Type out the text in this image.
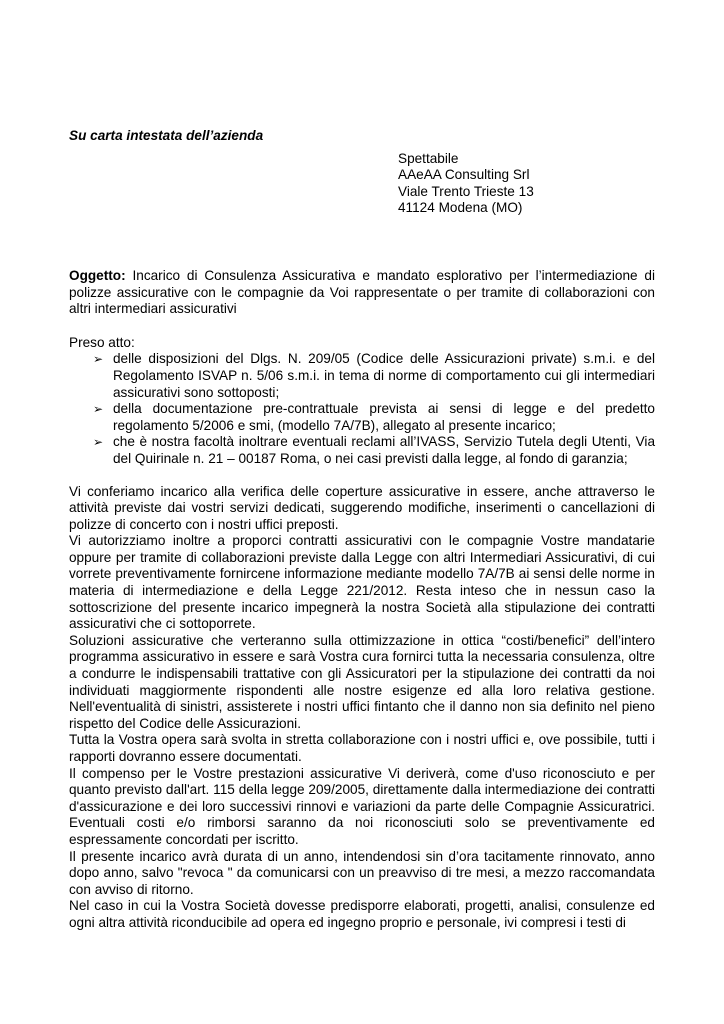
Su carta intestata dell’azienda
Spettabile
AAeAA Consulting Srl
Viale Trento Trieste 13
41124 Modena (MO)
Oggetto: Incarico di Consulenza Assicurativa e mandato esplorativo per l’intermediazione di polizze assicurative con le compagnie da Voi rappresentate o per tramite di collaborazioni con altri intermediari assicurativi
Preso atto:
➢ delle disposizioni del Dlgs. N. 209/05 (Codice delle Assicurazioni private) s.m.i. e del Regolamento ISVAP n. 5/06 s.m.i. in tema di norme di comportamento cui gli intermediari assicurativi sono sottoposti;
➢ della documentazione pre-contrattuale prevista ai sensi di legge e del predetto regolamento 5/2006 e smi, (modello 7A/7B), allegato al presente incarico;
➢ che è nostra facoltà inoltrare eventuali reclami all’IVASS, Servizio Tutela degli Utenti, Via del Quirinale n. 21 – 00187 Roma, o nei casi previsti dalla legge, al fondo di garanzia;

Vi conferiamo incarico alla verifica delle coperture assicurative in essere, anche attraverso le attività previste dai vostri servizi dedicati, suggerendo modifiche, inserimenti o cancellazioni di polizze di concerto con i nostri uffici preposti.

Vi autorizziamo inoltre a proporci contratti assicurativi con le compagnie Vostre mandatarie oppure per tramite di collaborazioni previste dalla Legge con altri Intermediari Assicurativi, di cui vorrete preventivamente fornircene informazione mediante modello 7A/7B ai sensi delle norme in materia di intermediazione e della Legge 221/2012. Resta inteso che in nessun caso la sottoscrizione del presente incarico impegnerà la nostra Società alla stipulazione dei contratti assicurativi che ci sottoporrete.

Soluzioni assicurative che verteranno sulla ottimizzazione in ottica “costi/benefici” dell’intero programma assicurativo in essere e sarà Vostra cura fornirci tutta la necessaria consulenza, oltre a condurre le indispensabili trattative con gli Assicuratori per la stipulazione dei contratti da noi individuati maggiormente rispondenti alle nostre esigenze ed alla loro relativa gestione. Nell'eventualità di sinistri, assisterete i nostri uffici fintanto che il danno non sia definito nel pieno rispetto del Codice delle Assicurazioni.

Tutta la Vostra opera sarà svolta in stretta collaborazione con i nostri uffici e, ove possibile, tutti i rapporti dovranno essere documentati.

Il compenso per le Vostre prestazioni assicurative Vi deriverà, come d'uso riconosciuto e per quanto previsto dall'art. 115 della legge 209/2005, direttamente dalla intermediazione dei contratti d'assicurazione e dei loro successivi rinnovi e variazioni da parte delle Compagnie Assicuratrici. Eventuali costi e/o rimborsi saranno da noi riconosciuti solo se preventivamente ed espressamente concordati per iscritto.

Il presente incarico avrà durata di un anno, intendendosi sin d’ora tacitamente rinnovato, anno dopo anno, salvo "revoca " da comunicarsi con un preavviso di tre mesi, a mezzo raccomandata con avviso di ritorno.

Nel caso in cui la Vostra Società dovesse predisporre elaborati, progetti, analisi, consulenze ed ogni altra attività riconducibile ad opera ed ingegno proprio e personale, ivi compresi i testi di
